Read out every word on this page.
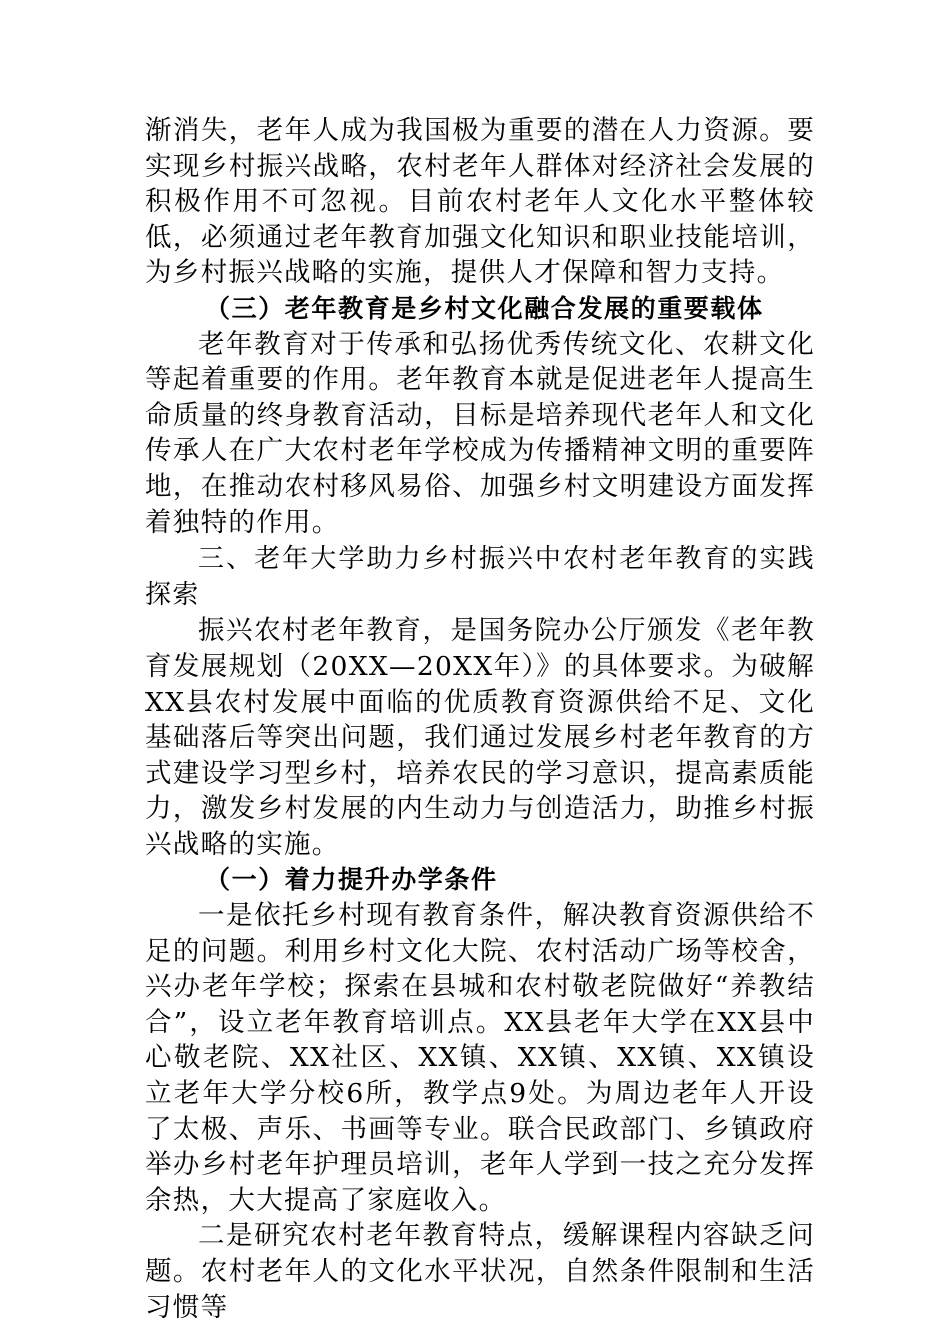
渐消失，老年人成为我国极为重要的潜在人力资源。要实现乡村振兴战略，农村老年人群体对经济社会发展的积极作用不可忽视。目前农村老年人文化水平整体较低，必须通过老年教育加强文化知识和职业技能培训，为乡村振兴战略的实施，提供人才保障和智力支持。

（三）老年教育是乡村文化融合发展的重要载体

老年教育对于传承和弘扬优秀传统文化、农耕文化等起着重要的作用。老年教育本就是促进老年人提高生命质量的终身教育活动，目标是培养现代老年人和文化传承人在广大农村老年学校成为传播精神文明的重要阵地，在推动农村移风易俗、加强乡村文明建设方面发挥着独特的作用。

三、老年大学助力乡村振兴中农村老年教育的实践探索

振兴农村老年教育，是国务院办公厅颁发《老年教育发展规划（20XX—20XX年）》的具体要求。为破解XX县农村发展中面临的优质教育资源供给不足、文化基础落后等突出问题，我们通过发展乡村老年教育的方式建设学习型乡村，培养农民的学习意识，提高素质能力，激发乡村发展的内生动力与创造活力，助推乡村振兴战略的实施。

（一）着力提升办学条件

一是依托乡村现有教育条件，解决教育资源供给不足的问题。利用乡村文化大院、农村活动广场等校舍，兴办老年学校；探索在县城和农村敬老院做好“养教结合”，设立老年教育培训点。XX县老年大学在XX县中心敬老院、XX社区、XX镇、XX镇、XX镇、XX镇设立老年大学分校6所，教学点9处。为周边老年人开设了太极、声乐、书画等专业。联合民政部门、乡镇政府举办乡村老年护理员培训，老年人学到一技之充分发挥余热，大大提高了家庭收入。

二是研究农村老年教育特点，缓解课程内容缺乏问题。农村老年人的文化水平状况，自然条件限制和生活习惯等
